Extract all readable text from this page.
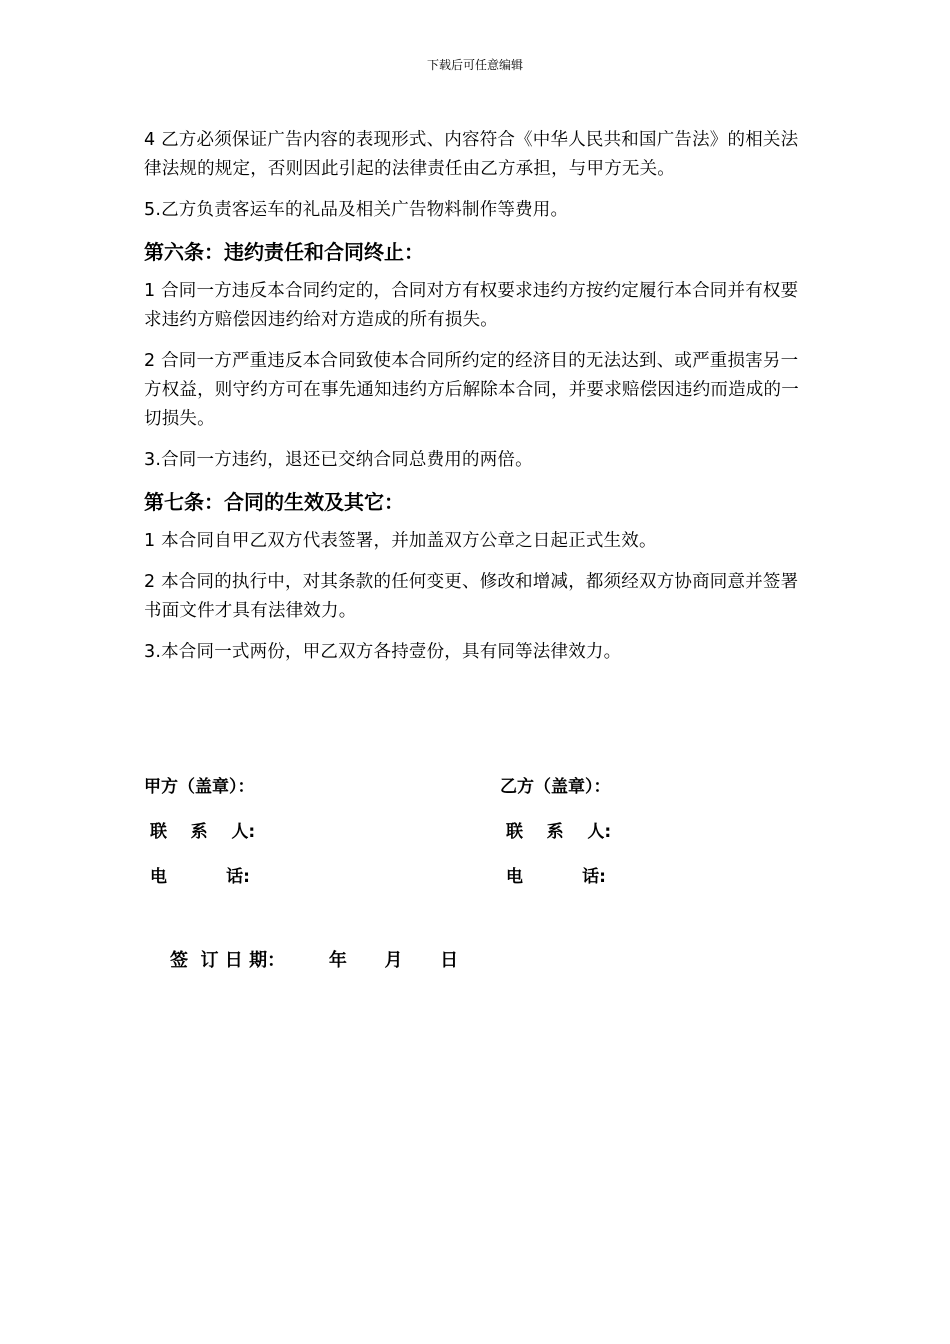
下载后可任意编辑

4 乙方必须保证广告内容的表现形式、内容符合《中华人民共和国广告法》的相关法律法规的规定，否则因此引起的法律责任由乙方承担，与甲方无关。

5.乙方负责客运车的礼品及相关广告物料制作等费用。

第六条：违约责任和合同终止：

1 合同一方违反本合同约定的，合同对方有权要求违约方按约定履行本合同并有权要求违约方赔偿因违约给对方造成的所有损失。

2 合同一方严重违反本合同致使本合同所约定的经济目的无法达到、或严重损害另一方权益，则守约方可在事先通知违约方后解除本合同，并要求赔偿因违约而造成的一切损失。

3.合同一方违约，退还已交纳合同总费用的两倍。

第七条：合同的生效及其它：

1 本合同自甲乙双方代表签署，并加盖双方公章之日起正式生效。

2 本合同的执行中，对其条款的任何变更、修改和增减，都须经双方协商同意并签署书面文件才具有法律效力。

3.本合同一式两份，甲乙双方各持壹份，具有同等法律效力。

甲方（盖章）：
联    系    人:
电          话:
乙方（盖章）：
联    系    人:
电          话:
签  订 日 期：       年      月      日
